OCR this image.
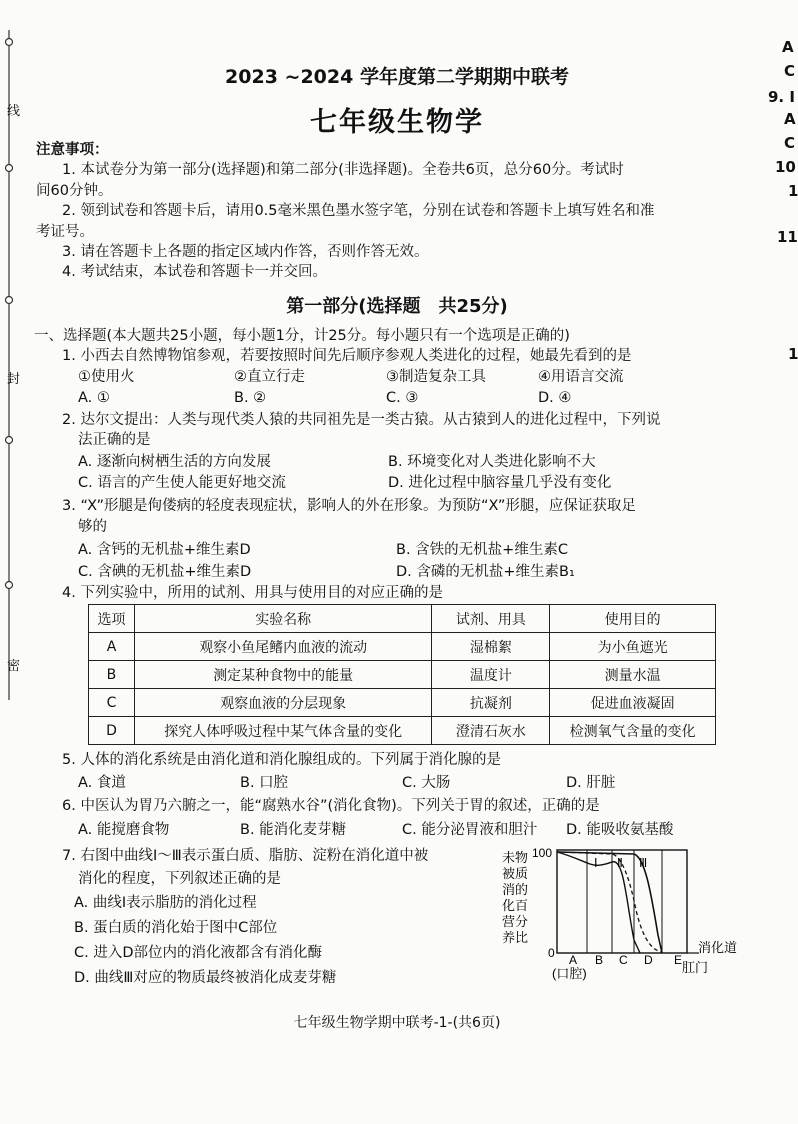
线
封
密
A
C
9. I
A
C
10
1
11
1
2023 ~2024 学年度第二学期期中联考
七年级生物学
注意事项：
1. 本试卷分为第一部分(选择题)和第二部分(非选择题)。全卷共6页，总分60分。考试时
间60分钟。
2. 领到试卷和答题卡后，请用0.5毫米黑色墨水签字笔，分别在试卷和答题卡上填写姓名和准
考证号。
3. 请在答题卡上各题的指定区域内作答，否则作答无效。
4. 考试结束，本试卷和答题卡一并交回。
第一部分(选择题　共25分)
一、选择题(本大题共25小题，每小题1分，计25分。每小题只有一个选项是正确的)
1. 小西去自然博物馆参观，若要按照时间先后顺序参观人类进化的过程，她最先看到的是
①使用火	②直立行走	③制造复杂工具	④用语言交流
A. ①	B. ②	C. ③	D. ④
2. 达尔文提出：人类与现代类人猿的共同祖先是一类古猿。从古猿到人的进化过程中，下列说
法正确的是
A. 逐渐向树栖生活的方向发展	B. 环境变化对人类进化影响不大
C. 语言的产生使人能更好地交流	D. 进化过程中脑容量几乎没有变化
3. “X”形腿是佝偻病的轻度表现症状，影响人的外在形象。为预防“X”形腿，应保证获取足
够的
A. 含钙的无机盐+维生素D	B. 含铁的无机盐+维生素C
C. 含碘的无机盐+维生素D	D. 含磷的无机盐+维生素B₁
4. 下列实验中，所用的试剂、用具与使用目的对应正确的是
选项	实验名称	试剂、用具	使用目的
A	观察小鱼尾鳍内血液的流动	湿棉絮	为小鱼遮光
B	测定某种食物中的能量	温度计	测量水温
C	观察血液的分层现象	抗凝剂	促进血液凝固
D	探究人体呼吸过程中某气体含量的变化	澄清石灰水	检测氧气含量的变化
5. 人体的消化系统是由消化道和消化腺组成的。下列属于消化腺的是
A. 食道	B. 口腔	C. 大肠	D. 肝脏
6. 中医认为胃乃六腑之一，能“腐熟水谷”(消化食物)。下列关于胃的叙述，正确的是
A. 能搅磨食物	B. 能消化麦芽糖	C. 能分泌胃液和胆汁 D. 能吸收氨基酸
7. 右图中曲线Ⅰ～Ⅲ表示蛋白质、脂肪、淀粉在消化道中被
消化的程度，下列叙述正确的是
A. 曲线Ⅰ表示脂肪的消化过程
B. 蛋白质的消化始于图中C部位
C. 进入D部位内的消化液都含有消化酶
D. 曲线Ⅲ对应的物质最终被消化成麦芽糖
未物
被质
消的
化百
营分
养比
100
0
Ⅰ Ⅱ Ⅲ
A B C D E
消化道
(口腔)	肛门
七年级生物学期中联考-1-(共6页)
